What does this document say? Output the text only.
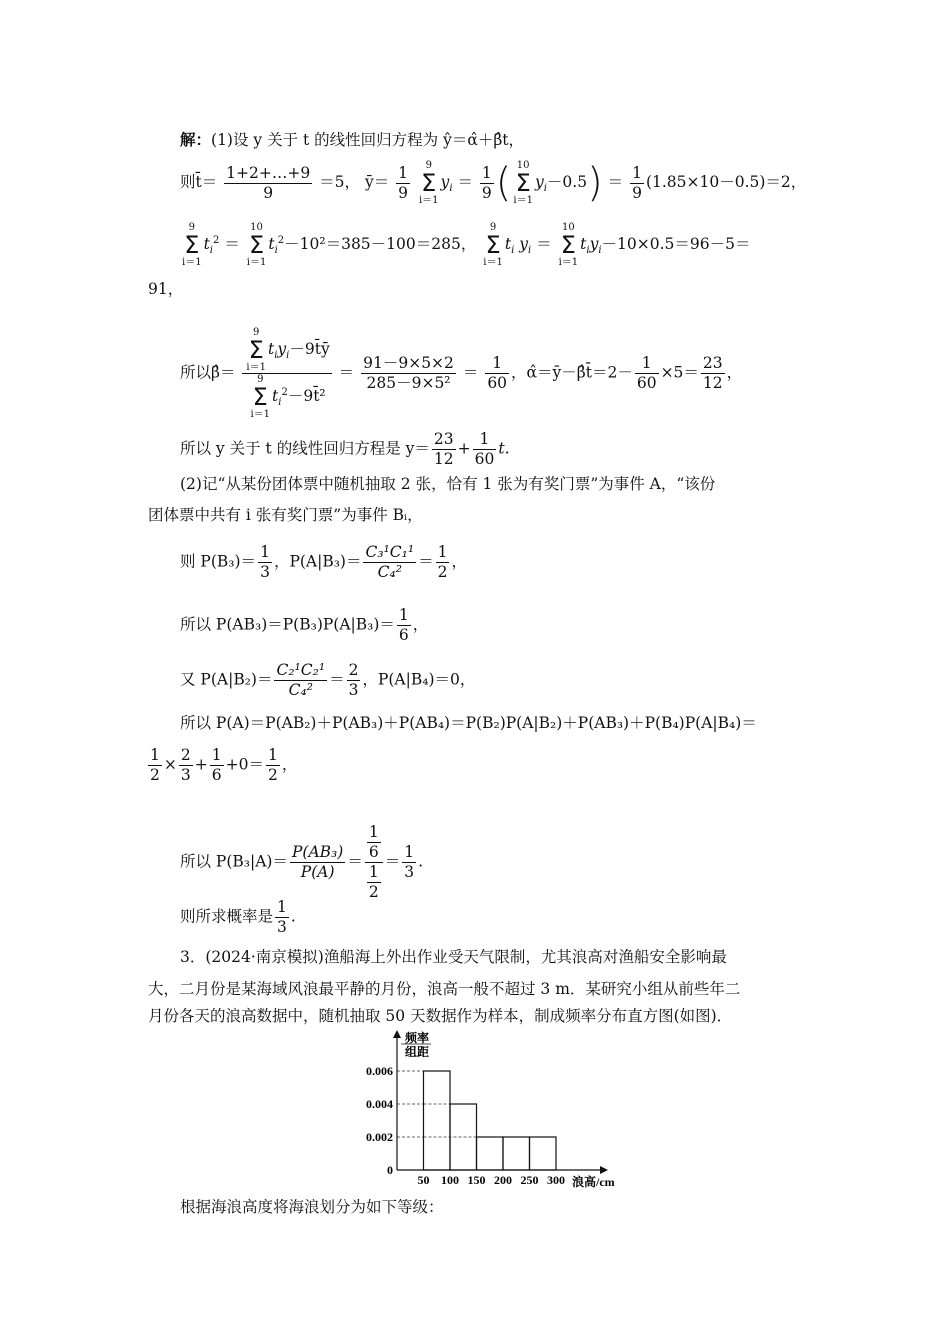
解：(1)设 y 关于 t 的线性回归方程为 ŷ＝α̂＋β̂t，
则t̄＝ $\frac{1+2+\dots+9}{9} =5$， ȳ＝ $\frac{1}{9}$
	9
Σ
i＝1
$y_i = \frac{1}{9}$ ( 10
Σ
i＝1
$y_i-0.5) = \frac{1}{9} (1.85\times 10-0.5)=2$，
9
Σ
i＝1
$t_i^2$ ＝
10
Σ
i＝1
$t_i^2-10^2=385-100=285$，
9
Σ
i＝1
$t_i$ $y_i$ ＝
10
Σ
i＝1
$t_iy_i-10\times 0.5=96-5=$
91，
所以β̂＝ 9
Σ
i＝1
$t_iy_i-9t̄ȳ$
9
Σ
i＝1
$t_i^2-9t̄^2 = \frac{91-9\times 5\times 2}{\text{285－9×5²}} = \frac{1}{60}$ ，α̂＝ȳ－β̂t̄＝2－ $\frac{1}{60} \times 5= \frac{23}{12}$ ，
所以 y 关于 t 的线性回归方程是 $y= \frac{23}{12} + \frac{1}{60} t$.
(2)记“从某份团体票中随机抽取 2 张，恰有 1 张为有奖门票”为事件 A，“该份
团体票中共有 i 张有奖门票”为事件 Bᵢ，
则 $P(B_3)= \frac{1}{3}$ ，$P(A|B_3)= \frac{\text{C₃¹C₁¹}}{\text{C₄²}} = \frac{1}{2}$ ，
所以 $P(AB_3)=P(B_3)P(A|B_3)= \frac{1}{6}$ ，
又 $P(A|B_2)= \frac{\text{C₂¹C₂¹}}{\text{C₄²}} = \frac{2}{3}$ ，P(A|B₄)＝0，
所以 P(A)＝P(AB₂)＋P(AB₃)＋P(AB₄)＝P(B₂)P(A|B₂)＋P(AB₃)＋P(B₄)P(A|B₄)＝
$\frac{1}{2} \times \frac{2}{3} + \frac{1}{6} +0= \frac{1}{2}$ ，
所以 $P(B_3|A)= \frac{\text{P(AB₃)}}{P(A)} = \frac{\frac{1}{6}}{\frac{1}{2}} = \frac{1}{3}$ .
则所求概率是 $\frac{1}{3}$ .
3．(2024·南京模拟)渔船海上外出作业受天气限制，尤其浪高对渔船安全影响最
大，二月份是某海域风浪最平静的月份，浪高一般不超过 3 m．某研究小组从前些年二
月份各天的浪高数据中，随机抽取 50 天数据作为样本，制成频率分布直方图(如图)．
频率
组距
0.006
0.004
0.002
0
50 100 150 200 250 300 浪高/cm
根据海浪高度将海浪划分为如下等级：
